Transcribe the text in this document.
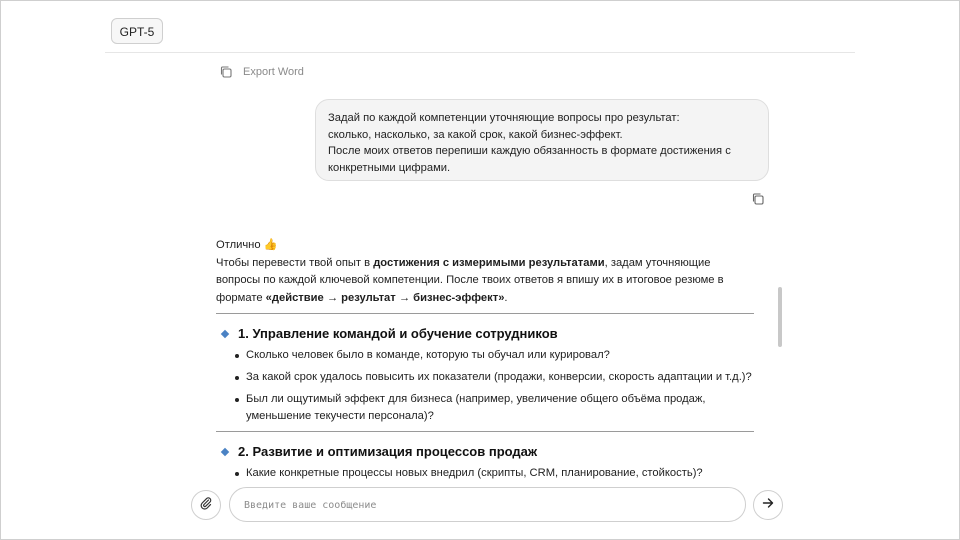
GPT-5
Export Word
Задай по каждой компетенции уточняющие вопросы про результат:
сколько, насколько, за какой срок, какой бизнес-эффект.
После моих ответов перепиши каждую обязанность в формате достижения с
конкретными цифрами.

Отлично 👍

Чтобы перевести твой опыт в достижения с измеримыми результатами, задам уточняющие вопросы по каждой ключевой компетенции. После твоих ответов я впишу их в итоговое резюме в формате «действие → результат → бизнес-эффект».

1. Управление командой и обучение сотрудников
Сколько человек было в команде, которую ты обучал или курировал?
За какой срок удалось повысить их показатели (продажи, конверсии, скорость адаптации и т.д.)?
Был ли ощутимый эффект для бизнеса (например, увеличение общего объёма продаж, уменьшение текучести персонала)?
2. Развитие и оптимизация процессов продаж
Какие конкретные процессы новых внедрил (скрипты, CRM, планирование, стойкость)?
Введите ваше сообщение
